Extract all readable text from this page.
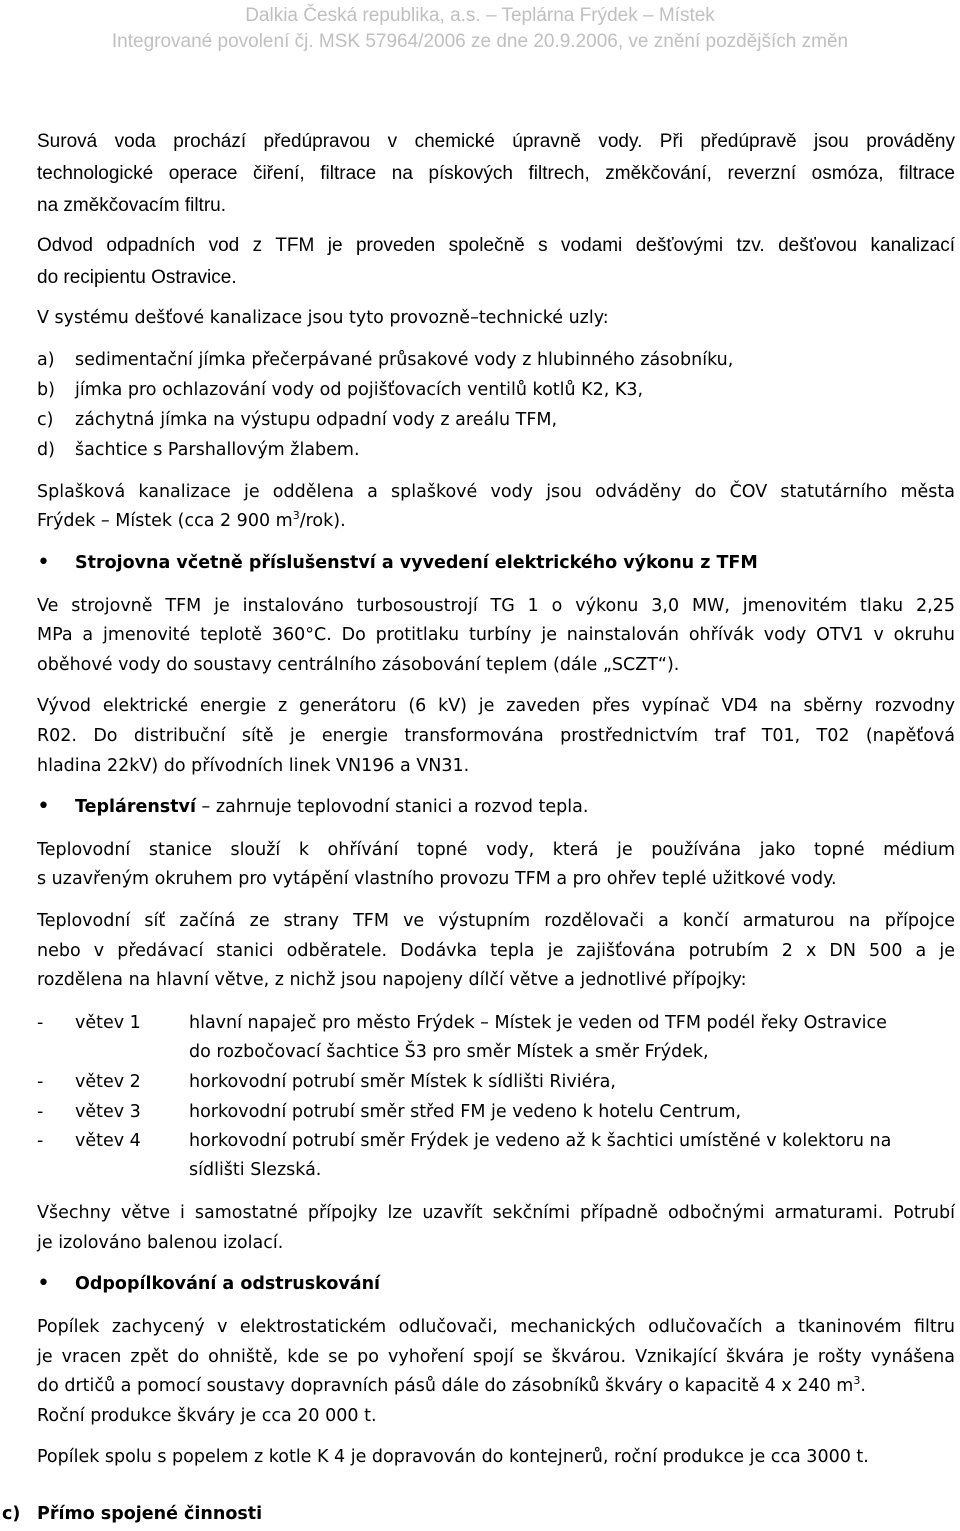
Dalkia Česká republika, a.s. – Teplárna Frýdek – Místek
Integrované povolení čj. MSK 57964/2006 ze dne 20.9.2006, ve znění pozdějších změn
Surová voda prochází předúpravou v chemické úpravně vody. Při předúpravě jsou prováděny
technologické operace čiření, filtrace na pískových filtrech, změkčování, reverzní osmóza, filtrace
na změkčovacím filtru.
Odvod odpadních vod z TFM je proveden společně s vodami dešťovými tzv. dešťovou kanalizací
do recipientu Ostravice.
V systému dešťové kanalizace jsou tyto provozně–technické uzly:
a) sedimentační jímka přečerpávané průsakové vody z hlubinného zásobníku,
b) jímka pro ochlazování vody od pojišťovacích ventilů kotlů K2, K3,
c) záchytná jímka na výstupu odpadní vody z areálu TFM,
d) šachtice s Parshallovým žlabem.
Splašková kanalizace je oddělena a splaškové vody jsou odváděny do ČOV statutárního města
Frýdek – Místek (cca 2 900 $m^3/rok$).
• Strojovna včetně příslušenství a vyvedení elektrického výkonu z TFM
Ve strojovně TFM je instalováno turbosoustrojí TG 1 o výkonu 3,0 MW, jmenovitém tlaku 2,25
MPa a jmenovité teplotě 360°C. Do protitlaku turbíny je nainstalován ohřívák vody OTV1 v okruhu
oběhové vody do soustavy centrálního zásobování teplem (dále „SCZT“).
Vývod elektrické energie z generátoru (6 kV) je zaveden přes vypínač VD4 na sběrny rozvodny
R02. Do distribuční sítě je energie transformována prostřednictvím traf T01, T02 (napěťová
hladina 22kV) do přívodních linek VN196 a VN31.
• Teplárenství – zahrnuje teplovodní stanici a rozvod tepla.
Teplovodní stanice slouží k ohřívání topné vody, která je používána jako topné médium
s uzavřeným okruhem pro vytápění vlastního provozu TFM a pro ohřev teplé užitkové vody.
Teplovodní síť začíná ze strany TFM ve výstupním rozdělovači a končí armaturou na přípojce
nebo v předávací stanici odběratele. Dodávka tepla je zajišťována potrubím 2 x DN 500 a je
rozdělena na hlavní větve, z nichž jsou napojeny dílčí větve a jednotlivé přípojky:
- větev 1	hlavní napaječ pro město Frýdek – Místek je veden od TFM podél řeky Ostravice
do rozbočovací šachtice Š3 pro směr Místek a směr Frýdek,
- větev 2	horkovodní potrubí směr Místek k sídlišti Riviéra,
- větev 3	horkovodní potrubí směr střed FM je vedeno k hotelu Centrum,
- větev 4	horkovodní potrubí směr Frýdek je vedeno až k šachtici umístěné v kolektoru na
sídlišti Slezská.
Všechny větve i samostatné přípojky lze uzavřít sekčními případně odbočnými armaturami. Potrubí
je izolováno balenou izolací.
• Odpopílkování a odstruskování
Popílek zachycený v elektrostatickém odlučovači, mechanických odlučovačích a tkaninovém filtru
je vracen zpět do ohniště, kde se po vyhoření spojí se škvárou. Vznikající škvára je rošty vynášena
do drtičů a pomocí soustavy dopravních pásů dále do zásobníků škváry o kapacitě 4 x 240 $m^3$.
Roční produkce škváry je cca 20 000 t.
Popílek spolu s popelem z kotle K 4 je dopravován do kontejnerů, roční produkce je cca 3000 t.
c) Přímo spojené činnosti
